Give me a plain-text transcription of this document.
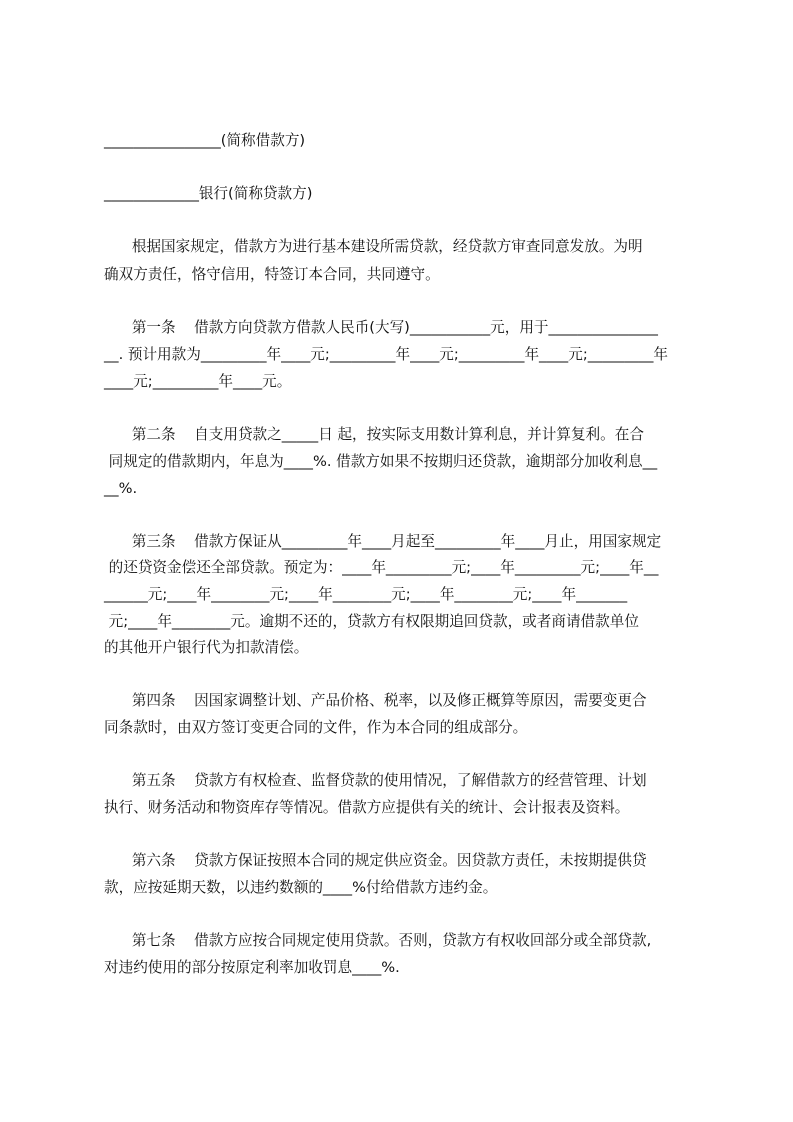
________________(简称借款方)
_____________银行(简称贷款方)
根据国家规定，借款方为进行基本建设所需贷款，经贷款方审查同意发放。为明
确双方责任，恪守信用，特签订本合同，共同遵守。
第一条    借款方向贷款方借款人民币(大写)___________元，用于_______________
__. 预计用款为_________年____元;_________年____元;_________年____元;_________年
____元;_________年____元。
第二条    自支用贷款之_____日 起，按实际支用数计算利息，并计算复利。在合
同规定的借款期内，年息为____%. 借款方如果不按期归还贷款，逾期部分加收利息__
__%.
第三条    借款方保证从_________年____月起至_________年____月止，用国家规定
的还贷资金偿还全部贷款。预定为：____年_________元;____年_________元;____年__
______元;____年________元;____年________元;____年________元;____年_______
元;____年________元。逾期不还的，贷款方有权限期追回贷款，或者商请借款单位
的其他开户银行代为扣款清偿。
第四条    因国家调整计划、产品价格、税率，以及修正概算等原因，需要变更合
同条款时，由双方签订变更合同的文件，作为本合同的组成部分。
第五条    贷款方有权检查、监督贷款的使用情况，了解借款方的经营管理、计划
执行、财务活动和物资库存等情况。借款方应提供有关的统计、会计报表及资料。
第六条    贷款方保证按照本合同的规定供应资金。因贷款方责任，未按期提供贷
款，应按延期天数，以违约数额的____%付给借款方违约金。
第七条    借款方应按合同规定使用贷款。否则，贷款方有权收回部分或全部贷款,
对违约使用的部分按原定利率加收罚息____%.
